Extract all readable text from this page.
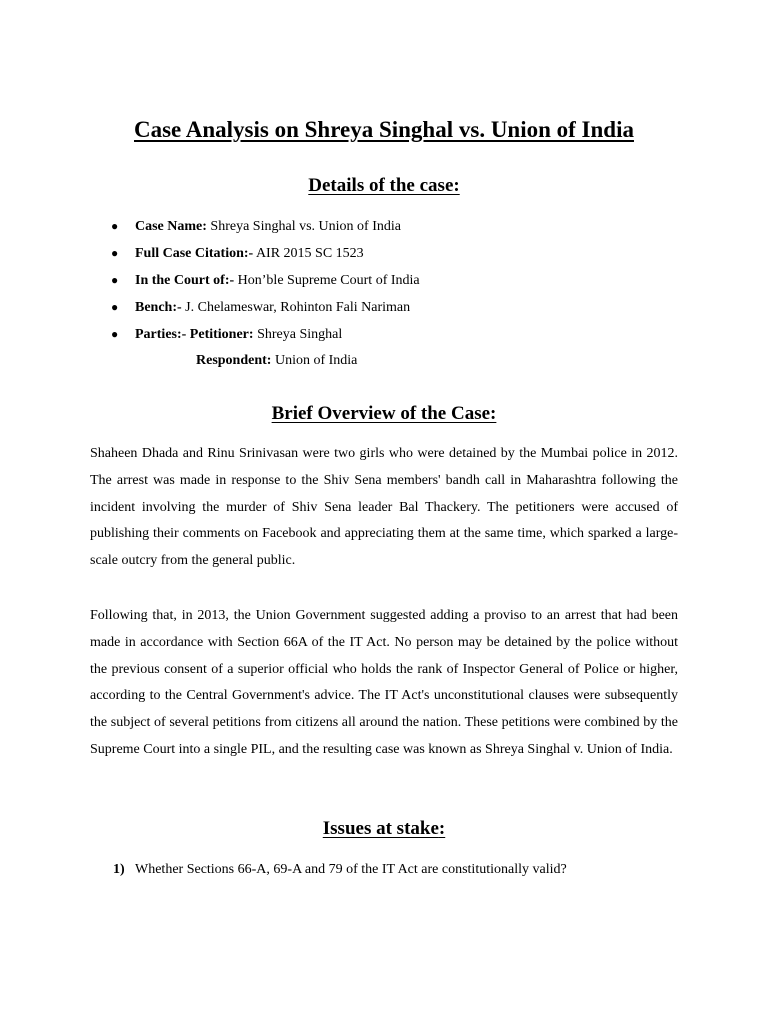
Case Analysis on Shreya Singhal vs. Union of India
Details of the case:
● Case Name: Shreya Singhal vs. Union of India
● Full Case Citation:- AIR 2015 SC 1523
● In the Court of:- Hon’ble Supreme Court of India
● Bench:- J. Chelameswar, Rohinton Fali Nariman
● Parties:- Petitioner: Shreya Singhal
Respondent: Union of India
Brief Overview of the Case:

Shaheen Dhada and Rinu Srinivasan were two girls who were detained by the Mumbai police in 2012. The arrest was made in response to the Shiv Sena members' bandh call in Maharashtra following the incident involving the murder of Shiv Sena leader Bal Thackery. The petitioners were accused of publishing their comments on Facebook and appreciating them at the same time, which sparked a large-scale outcry from the general public.

Following that, in 2013, the Union Government suggested adding a proviso to an arrest that had been made in accordance with Section 66A of the IT Act. No person may be detained by the police without the previous consent of a superior official who holds the rank of Inspector General of Police or higher, according to the Central Government's advice. The IT Act's unconstitutional clauses were subsequently the subject of several petitions from citizens all around the nation. These petitions were combined by the Supreme Court into a single PIL, and the resulting case was known as Shreya Singhal v. Union of India.

Issues at stake:
1) Whether Sections 66-A, 69-A and 79 of the IT Act are constitutionally valid?
